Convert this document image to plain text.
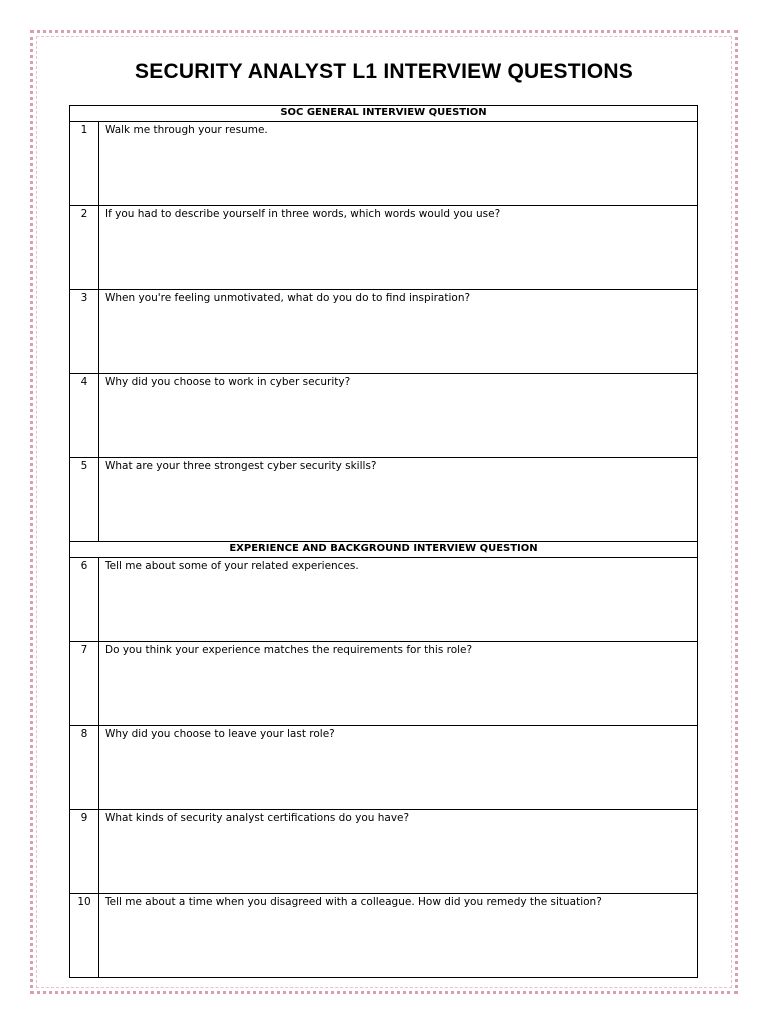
SECURITY ANALYST L1 INTERVIEW QUESTIONS
SOC GENERAL INTERVIEW QUESTION	
1	Walk me through your resume.
2	If you had to describe yourself in three words, which words would you use?
3	When you're feeling unmotivated, what do you do to find inspiration?
4	Why did you choose to work in cyber security?
5	What are your three strongest cyber security skills?
EXPERIENCE AND BACKGROUND INTERVIEW QUESTION	
6	Tell me about some of your related experiences.
7	Do you think your experience matches the requirements for this role?
8	Why did you choose to leave your last role?
9	What kinds of security analyst certifications do you have?
10	Tell me about a time when you disagreed with a colleague. How did you remedy the situation?
